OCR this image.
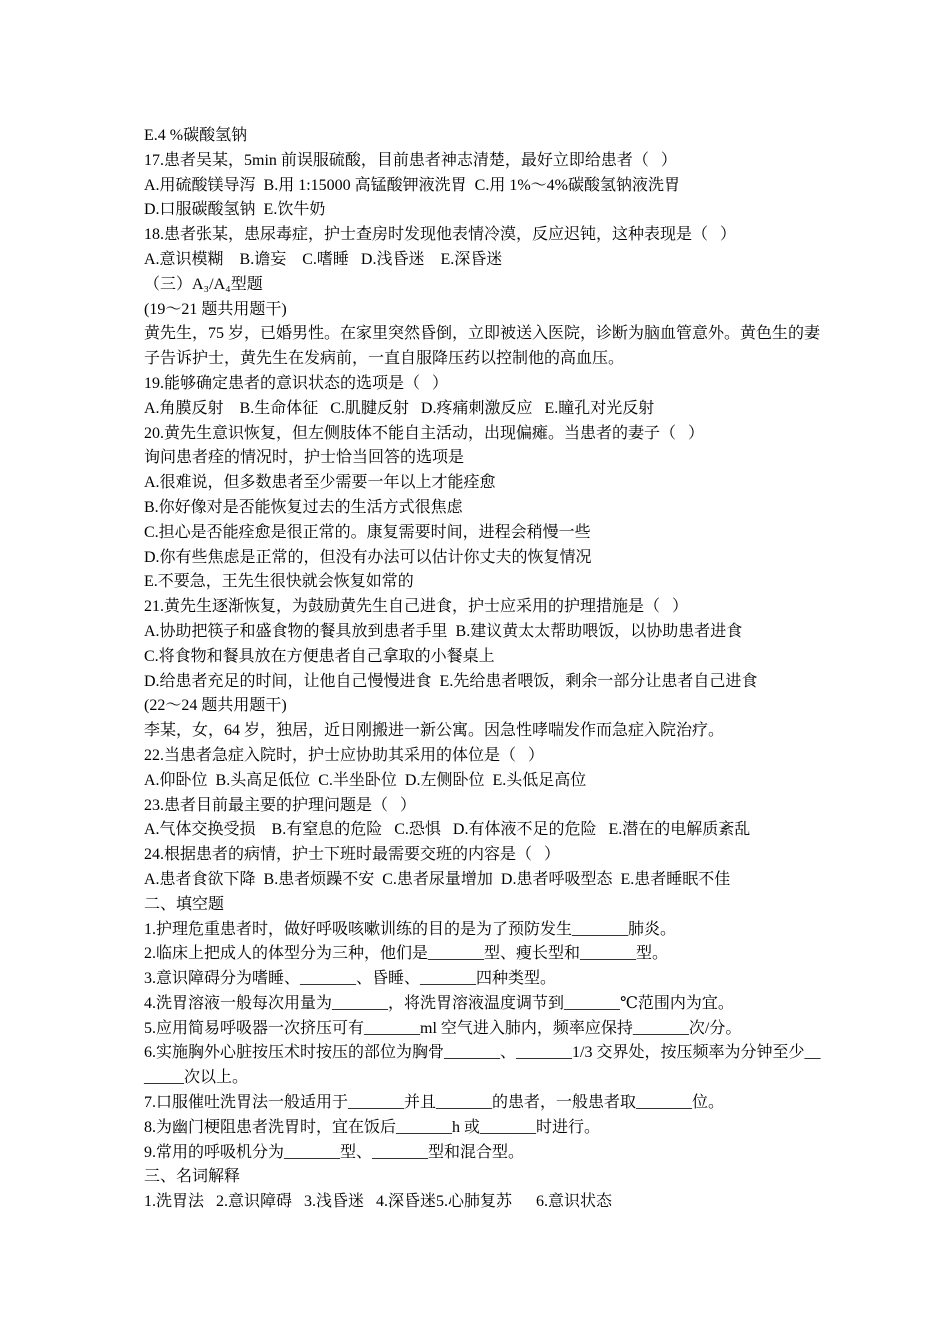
E.4 %碳酸氢钠
17.患者吴某，5min 前误服硫酸，目前患者神志清楚，最好立即给患者（   ）
A.用硫酸镁导泻  B.用 1:15000 高锰酸钾液洗胃  C.用 1%～4%碳酸氢钠液洗胃
D.口服碳酸氢钠  E.饮牛奶
18.患者张某，患尿毒症，护士查房时发现他表情冷漠，反应迟钝，这种表现是（   ）
A.意识模糊    B.谵妄    C.嗜睡   D.浅昏迷    E.深昏迷
（三）A₃/A₄型题
(19～21 题共用题干)
黄先生，75 岁，已婚男性。在家里突然昏倒，立即被送入医院，诊断为脑血管意外。黄色生的妻子告诉护士，黄先生在发病前，一直自服降压药以控制他的高血压。
19.能够确定患者的意识状态的选项是（   ）
A.角膜反射    B.生命体征   C.肌腱反射   D.疼痛刺激反应   E.瞳孔对光反射
20.黄先生意识恢复，但左侧肢体不能自主活动，出现偏瘫。当患者的妻子（   ）
询问患者痊的情况时，护士恰当回答的选项是
A.很难说，但多数患者至少需要一年以上才能痊愈
B.你好像对是否能恢复过去的生活方式很焦虑
C.担心是否能痊愈是很正常的。康复需要时间，进程会稍慢一些
D.你有些焦虑是正常的，但没有办法可以估计你丈夫的恢复情况
E.不要急，王先生很快就会恢复如常的
21.黄先生逐渐恢复，为鼓励黄先生自己进食，护士应采用的护理措施是（   ）
A.协助把筷子和盛食物的餐具放到患者手里  B.建议黄太太帮助喂饭，以协助患者进食
C.将食物和餐具放在方便患者自己拿取的小餐桌上
D.给患者充足的时间，让他自己慢慢进食  E.先给患者喂饭，剩余一部分让患者自己进食
(22～24 题共用题干)
李某，女，64 岁，独居，近日刚搬进一新公寓。因急性哮喘发作而急症入院治疗。
22.当患者急症入院时，护士应协助其采用的体位是（   ）
A.仰卧位  B.头高足低位  C.半坐卧位  D.左侧卧位  E.头低足高位
23.患者目前最主要的护理问题是（   ）
A.气体交换受损    B.有窒息的危险   C.恐惧   D.有体液不足的危险   E.潜在的电解质紊乱
24.根据患者的病情，护士下班时最需要交班的内容是（   ）
A.患者食欲下降  B.患者烦躁不安  C.患者尿量增加  D.患者呼吸型态  E.患者睡眠不佳
二、填空题
1.护理危重患者时，做好呼吸咳嗽训练的目的是为了预防发生_______肺炎。
2.临床上把成人的体型分为三种，他们是_______型、瘦长型和_______型。
3.意识障碍分为嗜睡、_______、昏睡、_______四种类型。
4.洗胃溶液一般每次用量为_______，将洗胃溶液温度调节到_______℃范围内为宜。
5.应用简易呼吸器一次挤压可有_______ml 空气进入肺内，频率应保持_______次/分。
6.实施胸外心脏按压术时按压的部位为胸骨_______、_______1/3 交界处，按压频率为分钟至少_______次以上。
7.口服催吐洗胃法一般适用于_______并且_______的患者，一般患者取_______位。
8.为幽门梗阻患者洗胃时，宜在饭后_______h 或_______时进行。
9.常用的呼吸机分为_______型、_______型和混合型。
三、名词解释
1.洗胃法   2.意识障碍   3.浅昏迷   4.深昏迷5.心肺复苏      6.意识状态
